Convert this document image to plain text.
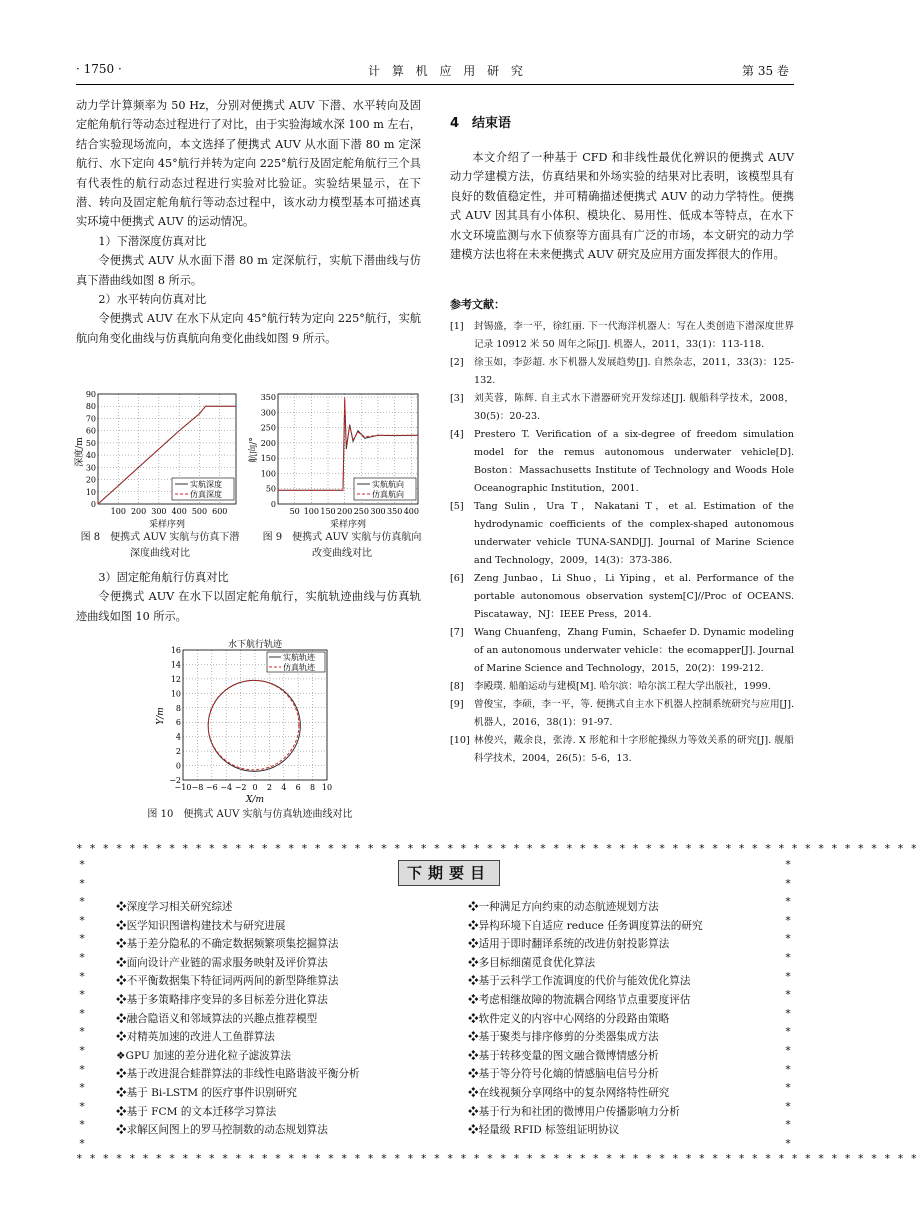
· 1750 ·	计 算 机 应 用 研 究	第 35 卷

动力学计算频率为 50 Hz，分别对便携式 AUV 下潜、水平转向及固定舵角航行等动态过程进行了对比，由于实验海域水深 100 m 左右，结合实验现场流向，本文选择了便携式 AUV 从水面下潜 80 m 定深航行、水下定向 45°航行并转为定向 225°航行及固定舵角航行三个具有代表性的航行动态过程进行实验对比验证。实验结果显示，在下潜、转向及固定舵角航行等动态过程中，该水动力模型基本可描述真实环境中便携式 AUV 的运动情况。

1）下潜深度仿真对比

令便携式 AUV 从水面下潜 80 m 定深航行，实航下潜曲线与仿真下潜曲线如图 8 所示。

2）水平转向仿真对比

令便携式 AUV 在水下从定向 45°航行转为定向 225°航行，实航航向角变化曲线与仿真航向角变化曲线如图 9 所示。

0
10
20
30
40
50
60
70
80
90
100 200 300 400 500 600
深度/m
采样序列
实航深度
仿真深度
0
50
100
150
200
250
300
350
50 100 150 200 250 300 350 400
航向/°
采样序列
实航航向
仿真航向
图 8　便携式 AUV 实航与仿真下潜深度曲线对比
图 9　便携式 AUV 实航与仿真航向改变曲线对比

3）固定舵角航行仿真对比

令便携式 AUV 在水下以固定舵角航行，实航轨迹曲线与仿真轨迹曲线如图 10 所示。

水下航行轨迹
−2
0
2
4
6
8
10
12
14
16
−10 −8 −6 −4 −2 0 2 4 6 8 10
Y/m
X/m
实航轨迹
仿真轨迹
图 10　便携式 AUV 实航与仿真轨迹曲线对比
4　结束语

本文介绍了一种基于 CFD 和非线性最优化辨识的便携式 AUV 动力学建模方法，仿真结果和外场实验的结果对比表明，该模型具有良好的数值稳定性，并可精确描述便携式 AUV 的动力学特性。便携式 AUV 因其具有小体积、模块化、易用性、低成本等特点，在水下水文环境监测与水下侦察等方面具有广泛的市场，本文研究的动力学建模方法也将在未来便携式 AUV 研究及应用方面发挥很大的作用。

参考文献：
[1] 封锡盛，李一平，徐红丽. 下一代海洋机器人：写在人类创造下潜深度世界记录 10912 米 50 周年之际[J]. 机器人，2011，33(1)：113-118.
[2] 徐玉如，李彭超. 水下机器人发展趋势[J]. 自然杂志，2011，33(3)：125-132.
[3] 刘芙蓉，陈辉. 自主式水下潜器研究开发综述[J]. 舰船科学技术，2008，30(5)：20-23.
[4] Prestero T. Verification of a six-degree of freedom simulation model for the remus autonomous underwater vehicle[D]. Boston：Massachusetts Institute of Technology and Woods Hole Oceanographic Institution，2001.
[5] Tang Sulin，Ura T，Nakatani T，et al. Estimation of the hydrodynamic coefficients of the complex-shaped autonomous underwater vehicle TUNA-SAND[J]. Journal of Marine Science and Technology，2009，14(3)：373-386.
[6] Zeng Junbao，Li Shuo，Li Yiping，et al. Performance of the portable autonomous observation system[C]//Proc of OCEANS. Piscataway，NJ：IEEE Press，2014.
[7] Wang Chuanfeng，Zhang Fumin，Schaefer D. Dynamic modeling of an autonomous underwater vehicle：the ecomapper[J]. Journal of Marine Science and Technology，2015，20(2)：199-212.
[8] 李殿璞. 船舶运动与建模[M]. 哈尔滨：哈尔滨工程大学出版社，1999.
[9] 曾俊宝，李硕，李一平，等. 便携式自主水下机器人控制系统研究与应用[J]. 机器人，2016，38(1)：91-97.
[10] 林俊兴，戴余良，张涛. X 形舵和十字形舵操纵力等效关系的研究[J]. 舰船科学技术，2004，26(5)：5-6，13.
* * * * * * * * * * * * * * * * * * * * * * * * * * * * * * * * * * * * * * * * * * * * * * * * * * * * * * * * * * * * * * * *
* * * * * * * * * * * * * * * * * * * * * * * * * * * * * * * * * * * * * * * * * * * * * * * * * * * * * * * * * * * * * * * *
*
*
*
*
*
*
*
*
*
*
*
*
*
*
*
*
*
*
*
*
*
*
*
*
*
*
*
*
*
*
*
*
下期要目
❖深度学习相关研究综述
❖医学知识图谱构建技术与研究进展
❖基于差分隐私的不确定数据频繁项集挖掘算法
❖面向设计产业链的需求服务映射及评价算法
❖不平衡数据集下特征词两两间的新型降维算法
❖基于多策略排序变异的多目标差分进化算法
❖融合隐语义和邻域算法的兴趣点推荐模型
❖对精英加速的改进人工鱼群算法
❖GPU 加速的差分进化粒子滤波算法
❖基于改进混合蛙群算法的非线性电路谐波平衡分析
❖基于 Bi-LSTM 的医疗事件识别研究
❖基于 FCM 的文本迁移学习算法
❖求解区间图上的罗马控制数的动态规划算法
❖一种满足方向约束的动态航迹规划方法
❖异构环境下自适应 reduce 任务调度算法的研究
❖适用于即时翻译系统的改进仿射投影算法
❖多目标细菌觅食优化算法
❖基于云科学工作流调度的代价与能效优化算法
❖考虑相继故障的物流耦合网络节点重要度评估
❖软件定义的内容中心网络的分段路由策略
❖基于聚类与排序修剪的分类器集成方法
❖基于转移变量的图文融合微博情感分析
❖基于等分符号化熵的情感脑电信号分析
❖在线视频分享网络中的复杂网络特性研究
❖基于行为和社团的微博用户传播影响力分析
❖轻量级 RFID 标签组证明协议
